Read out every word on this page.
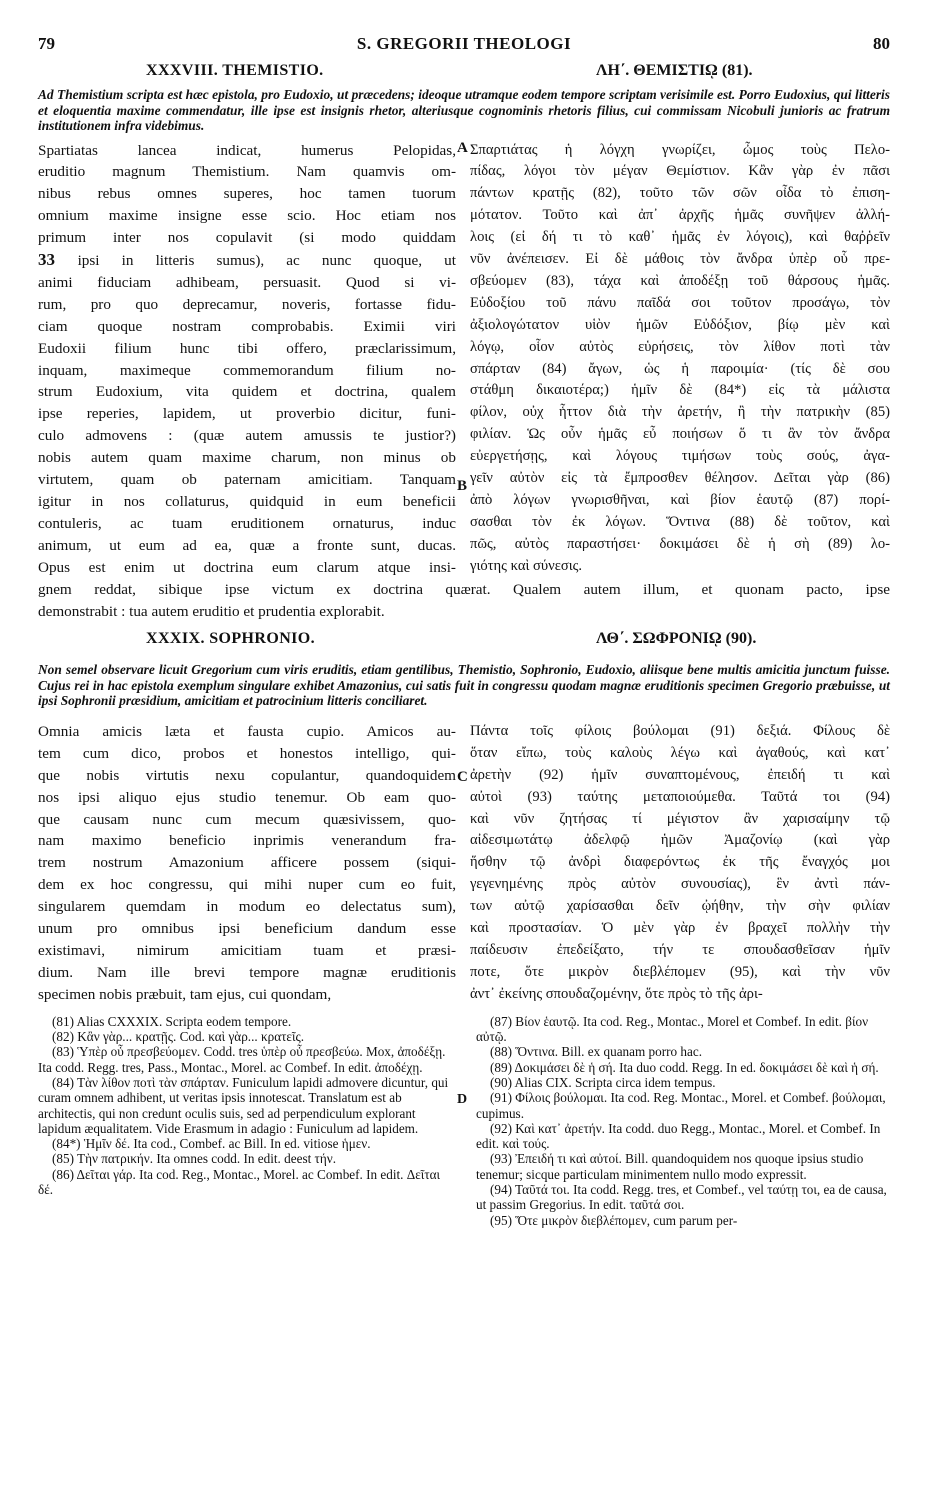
79	S. GREGORII THEOLOGI	80
XXXVIII. THEMISTIO.	ΛΗ΄. ΘΕΜΙΣΤΙῼ (81).
Ad Themistium scripta est hæc epistola, pro Eudoxio, ut præcedens; ideoque utramque eodem tempore scriptam verisimile est. Porro Eudoxius, qui litteris et eloquentia maxime commendatur, ille ipse est insignis rhetor, alteriusque cognominis rhetoris filius, cui commissam Nicobuli junioris ac fratrum institutionem infra videbimus.
Spartiatas lancea indicat, humerus Pelopidas,
eruditio magnum Themistium. Nam quamvis om-
nibus rebus omnes superes, hoc tamen tuorum
omnium maxime insigne esse scio. Hoc etiam nos
primum inter nos copulavit (si modo quiddam
33 ipsi in litteris sumus), ac nunc quoque, ut
animi fiduciam adhibeam, persuasit. Quod si vi-
rum, pro quo deprecamur, noveris, fortasse fidu-
ciam quoque nostram comprobabis. Eximii viri
Eudoxii filium hunc tibi offero, præclarissimum,
inquam, maximeque commemorandum filium no-
strum Eudoxium, vita quidem et doctrina, qualem
ipse reperies, lapidem, ut proverbio dicitur, funi-
culo admovens : (quæ autem amussis te justior?)
nobis autem quam maxime charum, non minus ob
virtutem, quam ob paternam amicitiam. Tanquam
igitur in nos collaturus, quidquid in eum beneficii
contuleris, ac tuam eruditionem ornaturus, induc
animum, ut eum ad ea, quæ a fronte sunt, ducas.
Opus est enim ut doctrina eum clarum atque insi-
A
B
Σπαρτιάτας ἡ λόγχη γνωρίζει, ὦμος τοὺς Πελο-
πίδας, λόγοι τὸν μέγαν Θεμίστιον. Κἂν γὰρ ἐν πᾶσι
πάντων κρατῇς (82), τοῦτο τῶν σῶν οἶδα τὸ ἐπιση-
μότατον. Τοῦτο καὶ ἀπ᾽ ἀρχῆς ἡμᾶς συνῆψεν ἀλλή-
λοις (εἰ δή τι τὸ καθ᾽ ἡμᾶς ἐν λόγοις), καὶ θαῤῥεῖν
νῦν ἀνέπεισεν. Εἰ δὲ μάθοις τὸν ἄνδρα ὑπὲρ οὗ πρε-
σβεύομεν (83), τάχα καὶ ἀποδέξῃ τοῦ θάρσους ἡμᾶς.
Εὐδοξίου τοῦ πάνυ παῖδά σοι τοῦτον προσάγω, τὸν
ἀξιολογώτατον υἱὸν ἡμῶν Εὐδόξιον, βίῳ μὲν καὶ
λόγῳ, οἷον αὐτὸς εὑρήσεις, τὸν λίθον ποτὶ τὰν
σπάρταν (84) ἄγων, ὡς ἡ παροιμία· (τίς δὲ σου
στάθμη δικαιοτέρα;) ἡμῖν δὲ (84*) εἰς τὰ μάλιστα
φίλον, οὐχ ἧττον διὰ τὴν ἀρετήν, ἢ τὴν πατρικὴν (85)
φιλίαν. Ὡς οὖν ἡμᾶς εὖ ποιήσων ὅ τι ἂν τὸν ἄνδρα
εὐεργετήσῃς, καὶ λόγους τιμήσων τοὺς σούς, ἀγα-
γεῖν αὐτὸν εἰς τὰ ἔμπροσθεν θέλησον. Δεῖται γὰρ (86)
ἀπὸ λόγων γνωρισθῆναι, καὶ βίον ἑαυτῷ (87) πορί-
σασθαι τὸν ἐκ λόγων. Ὅντινα (88) δὲ τοῦτον, καὶ
πῶς, αὐτὸς παραστήσει· δοκιμάσει δὲ ἡ σὴ (89) λο-
γιότης καὶ σύνεσις.
gnem reddat, sibique ipse victum ex doctrina quærat. Qualem autem illum, et quonam pacto, ipse
demonstrabit : tua autem eruditio et prudentia explorabit.
XXXIX. SOPHRONIO.	ΛΘ΄. ΣΩΦΡΟΝΙῼ (90).
Non semel observare licuit Gregorium cum viris eruditis, etiam gentilibus, Themistio, Sophronio, Eudoxio, aliisque bene multis amicitia junctum fuisse. Cujus rei in hac epistola exemplum singulare exhibet Amazonius, cui satis fuit in congressu quodam magnæ eruditionis specimen Gregorio præbuisse, ut ipsi Sophronii præsidium, amicitiam et patrocinium litteris conciliaret.
Omnia amicis læta et fausta cupio. Amicos au-
tem cum dico, probos et honestos intelligo, qui-
que nobis virtutis nexu copulantur, quandoquidem
nos ipsi aliquo ejus studio tenemur. Ob eam quo-
que causam nunc cum mecum quæsivissem, quo-
nam maximo beneficio inprimis venerandum fra-
trem nostrum Amazonium afficere possem (siqui-
dem ex hoc congressu, qui mihi nuper cum eo fuit,
singularem quemdam in modum eo delectatus sum),
unum pro omnibus ipsi beneficium dandum esse
existimavi, nimirum amicitiam tuam et præsi-
dium. Nam ille brevi tempore magnæ eruditionis
specimen nobis præbuit, tam ejus, cui quondam,
C
Πάντα τοῖς φίλοις βούλομαι (91) δεξιά. Φίλους δὲ
ὅταν εἴπω, τοὺς καλοὺς λέγω καὶ ἀγαθούς, καὶ κατ᾽
ἀρετὴν (92) ἡμῖν συναπτομένους, ἐπειδή τι καὶ
αὐτοὶ (93) ταύτης μεταποιούμεθα. Ταῦτά τοι (94)
καὶ νῦν ζητήσας τί μέγιστον ἂν χαρισαίμην τῷ
αἰδεσιμωτάτῳ ἀδελφῷ ἡμῶν Ἀμαζονίῳ (καὶ γὰρ
ἥσθην τῷ ἀνδρὶ διαφερόντως ἐκ τῆς ἔναγχός μοι
γεγενημένης πρὸς αὐτὸν συνουσίας), ἓν ἀντὶ πάν-
των αὐτῷ χαρίσασθαι δεῖν ᾠήθην, τὴν σὴν φιλίαν
καὶ προστασίαν. Ὁ μὲν γὰρ ἐν βραχεῖ πολλὴν τὴν
παίδευσιν ἐπεδείξατο, τήν τε σπουδασθεῖσαν ἡμῖν
ποτε, ὅτε μικρὸν διεβλέπομεν (95), καὶ τὴν νῦν
ἀντ᾽ ἐκείνης σπουδαζομένην, ὅτε πρὸς τὸ τῆς ἀρι-

(81) Alias CXXXIX. Scripta eodem tempore.

(82) Κἂν γὰρ... κρατῇς. Cod. καὶ γὰρ... κρατεῖς.

(83) Ὑπὲρ οὗ πρεσβεύομεν. Codd. tres ὑπὲρ οὗ πρεσβεύω. Mox, ἀποδέξῃ. Ita codd. Regg. tres, Pass., Montac., Morel. ac Combef. In edit. ἀποδέχῃ.

(84) Τὰν λίθον ποτὶ τὰν σπάρταν. Funiculum lapidi admovere dicuntur, qui curam omnem adhibent, ut veritas ipsis innotescat. Translatum est ab architectis, qui non credunt oculis suis, sed ad perpendiculum explorant lapidum æqualitatem. Vide Erasmum in adagio : Funiculum ad lapidem.

(84*) Ἡμῖν δέ. Ita cod., Combef. ac Bill. In ed. vitiose ἡμεν.

(85) Τὴν πατρικήν. Ita omnes codd. In edit. deest τήν.

(86) Δεῖται γάρ. Ita cod. Reg., Montac., Morel. ac Combef. In edit. Δεῖται δέ.

D

(87) Βίον ἑαυτῷ. Ita cod. Reg., Montac., Morel et Combef. In edit. βίον αὐτῷ.

(88) Ὅντινα. Bill. ex quanam porro hac.

(89) Δοκιμάσει δὲ ἡ σή. Ita duo codd. Regg. In ed. δοκιμάσει δὲ καὶ ἡ σή.

(90) Alias CIX. Scripta circa idem tempus.

(91) Φίλοις βούλομαι. Ita cod. Reg. Montac., Morel. et Combef. βούλομαι, cupimus.

(92) Καὶ κατ᾽ ἀρετήν. Ita codd. duo Regg., Montac., Morel. et Combef. In edit. καὶ τούς.

(93) Ἐπειδή τι καὶ αὐτοί. Bill. quandoquidem nos quoque ipsius studio tenemur; sicque particulam minimentem nullo modo expressit.

(94) Ταῦτά τοι. Ita codd. Regg. tres, et Combef., vel ταύτῃ τοι, ea de causa, ut passim Gregorius. In edit. ταῦτά σοι.

(95) Ὅτε μικρὸν διεβλέπομεν, cum parum per-
